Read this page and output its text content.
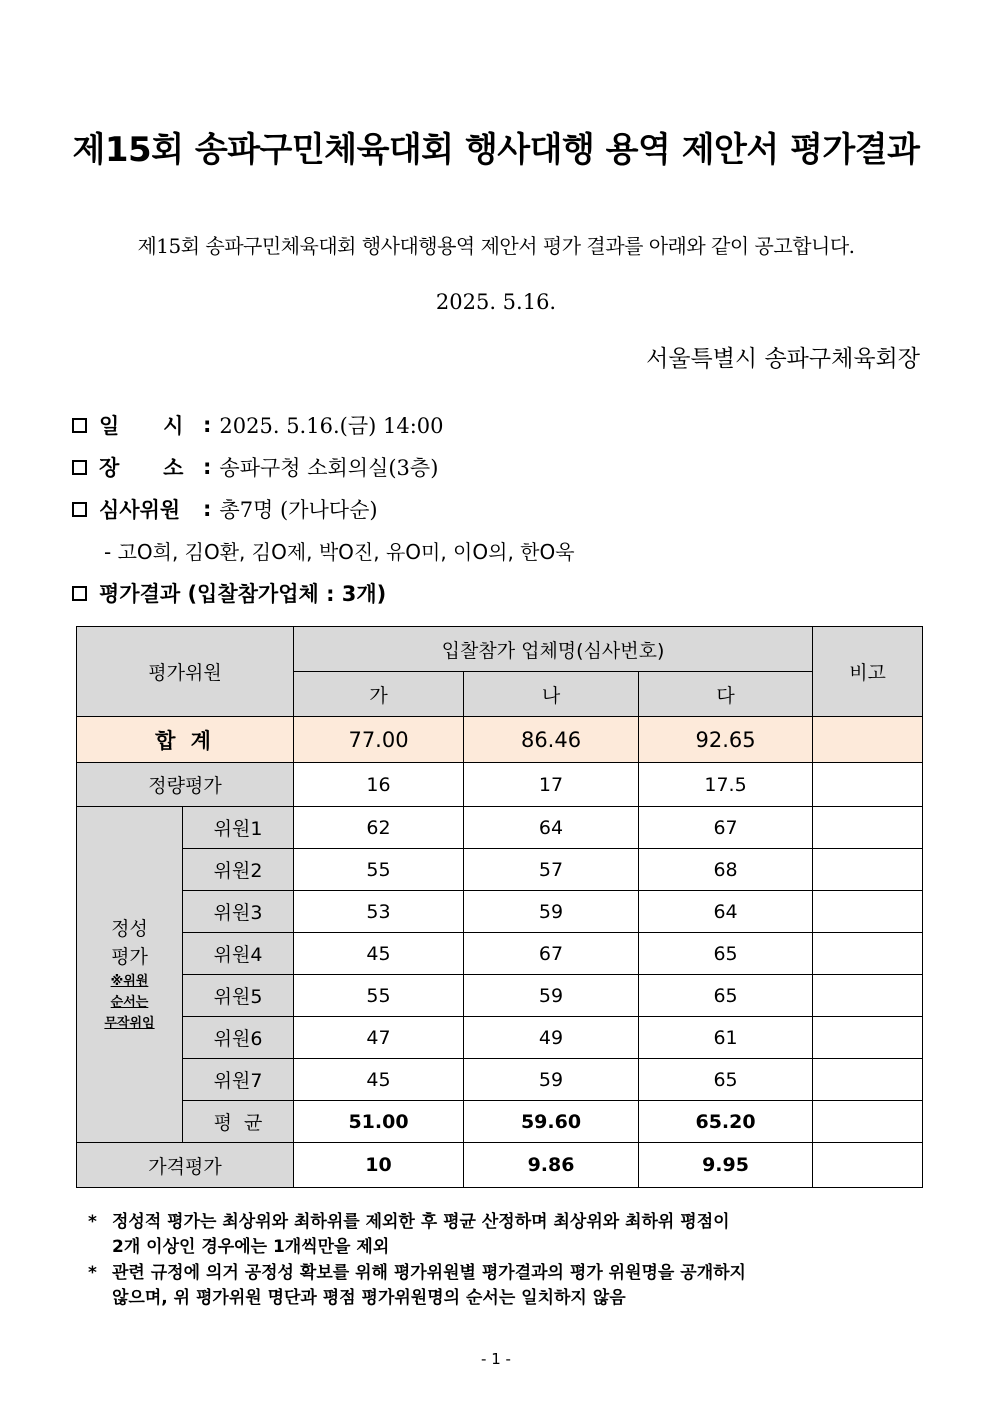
제15회 송파구민체육대회 행사대행 용역 제안서 평가결과
제15회 송파구민체육대회 행사대행용역 제안서 평가 결과를 아래와 같이 공고합니다.
2025. 5.16.
서울특별시 송파구체육회장
일      시 : 2025. 5.16.(금) 14:00
장      소 : 송파구청 소회의실(3층)
심사위원	: 총7명 (가나다순)
- 고O희, 김O환, 김O제, 박O진, 유O미, 이O의, 한O욱
평가결과 (입찰참가업체 : 3개)
평가위원		입찰참가 업체명(심사번호)			비고
		가	나	다	
합 계		77.00	86.46	92.65	
정량평가		16	17	17.5	

정성
평가
※위원
순서는
무작위임	위원1	62	64	67	
	위원2	55	57	68	
	위원3	53	59	64	
	위원4	45	67	65	
	위원5	55	59	65	
	위원6	47	49	61	
	위원7	45	59	65	
	평  균	51.00	59.60	65.20	
가격평가		10	9.86	9.95	
* 정성적 평가는 최상위와 최하위를 제외한 후 평균 산정하며 최상위와 최하위 평점이
2개 이상인 경우에는 1개씩만을 제외
* 관련 규정에 의거 공정성 확보를 위해 평가위원별 평가결과의 평가 위원명을 공개하지
않으며, 위 평가위원 명단과 평점 평가위원명의 순서는 일치하지 않음
- 1 -
